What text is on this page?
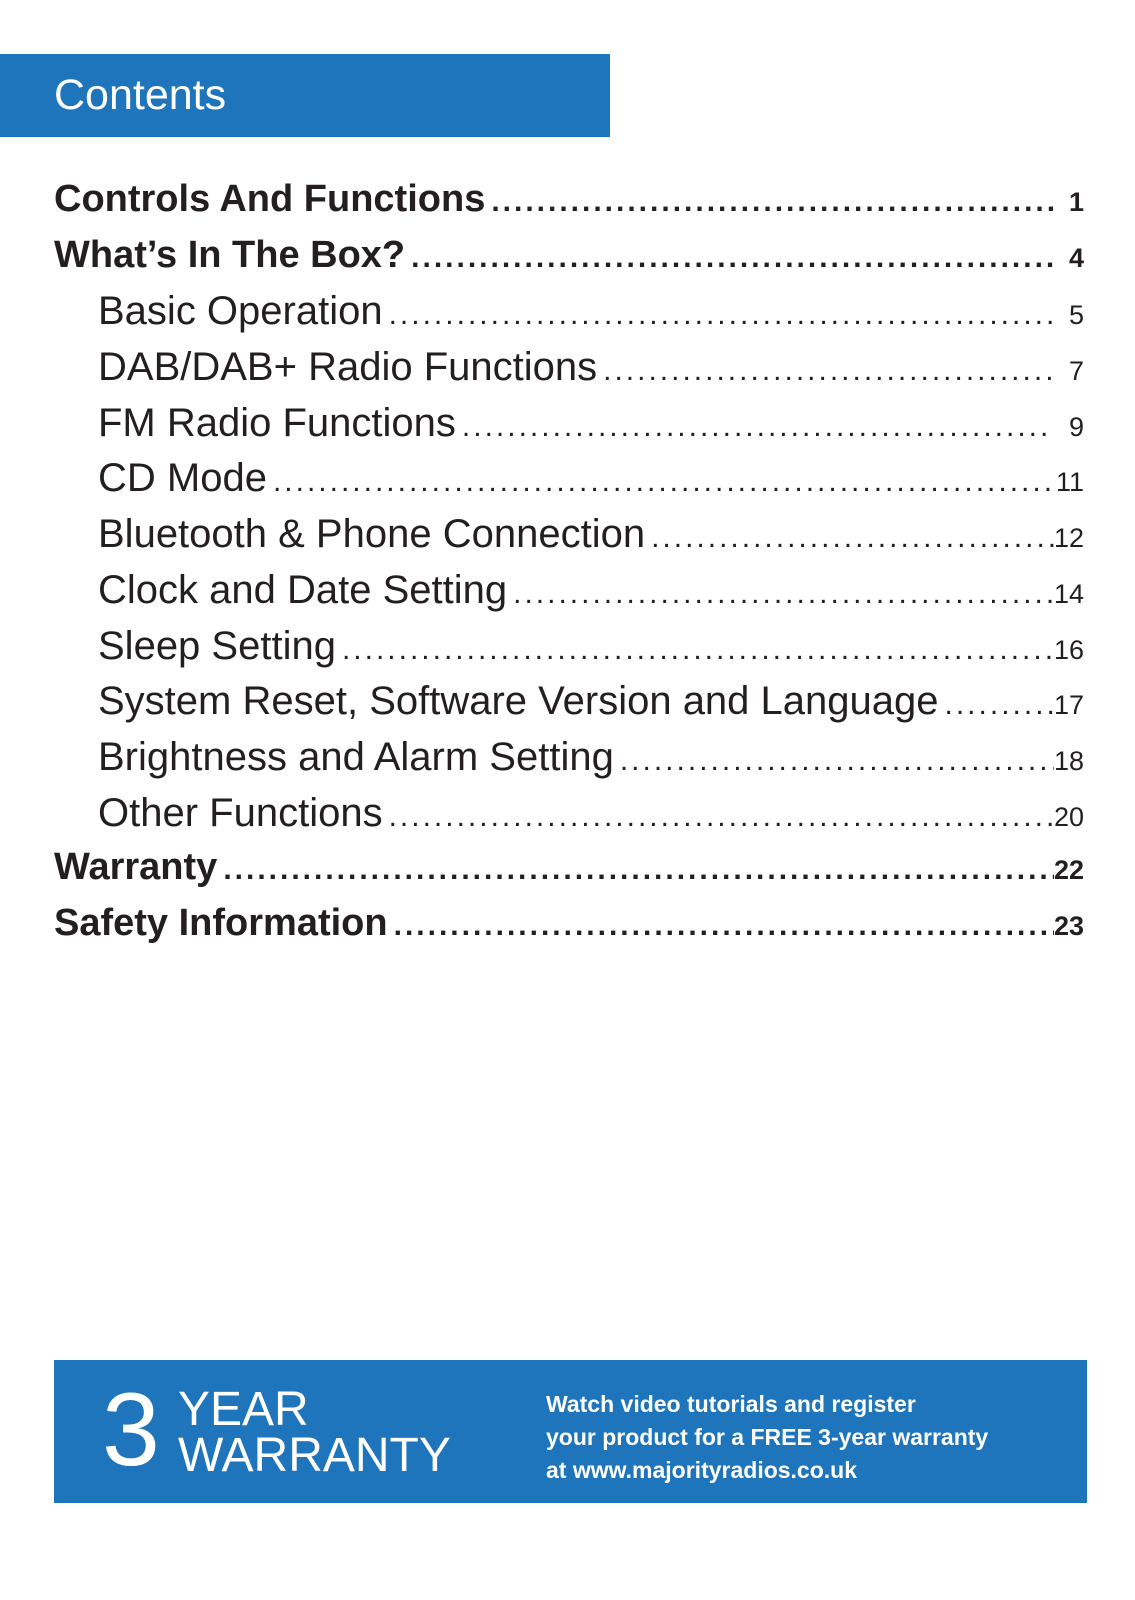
Contents
Controls And Functions .....	1
What’s In The Box? .....	4
Basic Operation .....	5
DAB/DAB+ Radio Functions .....	7
FM Radio Functions .....	9
CD Mode .....	11
Bluetooth & Phone Connection .....	12
Clock and Date Setting .....	14
Sleep Setting .....	16
System Reset, Software Version and Language .....	17
Brightness and Alarm Setting .....	18
Other Functions .....	20
Warranty .....	22
Safety Information .....	23
3 YEAR
WARRANTY
Watch video tutorials and register
your product for a FREE 3-year warranty
at www.majorityradios.co.uk
